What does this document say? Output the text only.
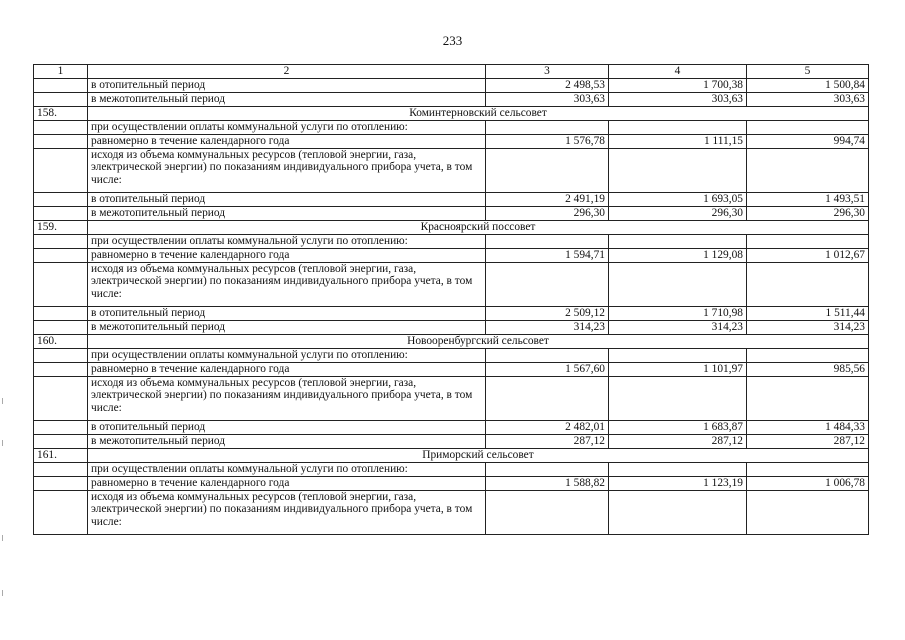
233
1	2	3	4	5
	в отопительный период	2 498,53	1 700,38	1 500,84
	в межотопительный период	303,63	303,63	303,63
158.	Коминтерновский сельсовет			
	при осуществлении оплаты коммунальной услуги по отоплению:			
	равномерно в течение календарного года	1 576,78	1 111,15	994,74
	исходя из объема коммунальных ресурсов (тепловой энергии, газа, электрической энергии) по показаниям индивидуального прибора учета, в том числе:			
	в отопительный период	2 491,19	1 693,05	1 493,51
	в межотопительный период	296,30	296,30	296,30
159.	Красноярский поссовет			
	при осуществлении оплаты коммунальной услуги по отоплению:			
	равномерно в течение календарного года	1 594,71	1 129,08	1 012,67
	исходя из объема коммунальных ресурсов (тепловой энергии, газа, электрической энергии) по показаниям индивидуального прибора учета, в том числе:			
	в отопительный период	2 509,12	1 710,98	1 511,44
	в межотопительный период	314,23	314,23	314,23
160.	Новооренбургский сельсовет			
	при осуществлении оплаты коммунальной услуги по отоплению:			
	равномерно в течение календарного года	1 567,60	1 101,97	985,56
	исходя из объема коммунальных ресурсов (тепловой энергии, газа, электрической энергии) по показаниям индивидуального прибора учета, в том числе:			
	в отопительный период	2 482,01	1 683,87	1 484,33
	в межотопительный период	287,12	287,12	287,12
161.	Приморский сельсовет			
	при осуществлении оплаты коммунальной услуги по отоплению:			
	равномерно в течение календарного года	1 588,82	1 123,19	1 006,78
	исходя из объема коммунальных ресурсов (тепловой энергии, газа, электрической энергии) по показаниям индивидуального прибора учета, в том числе:			
